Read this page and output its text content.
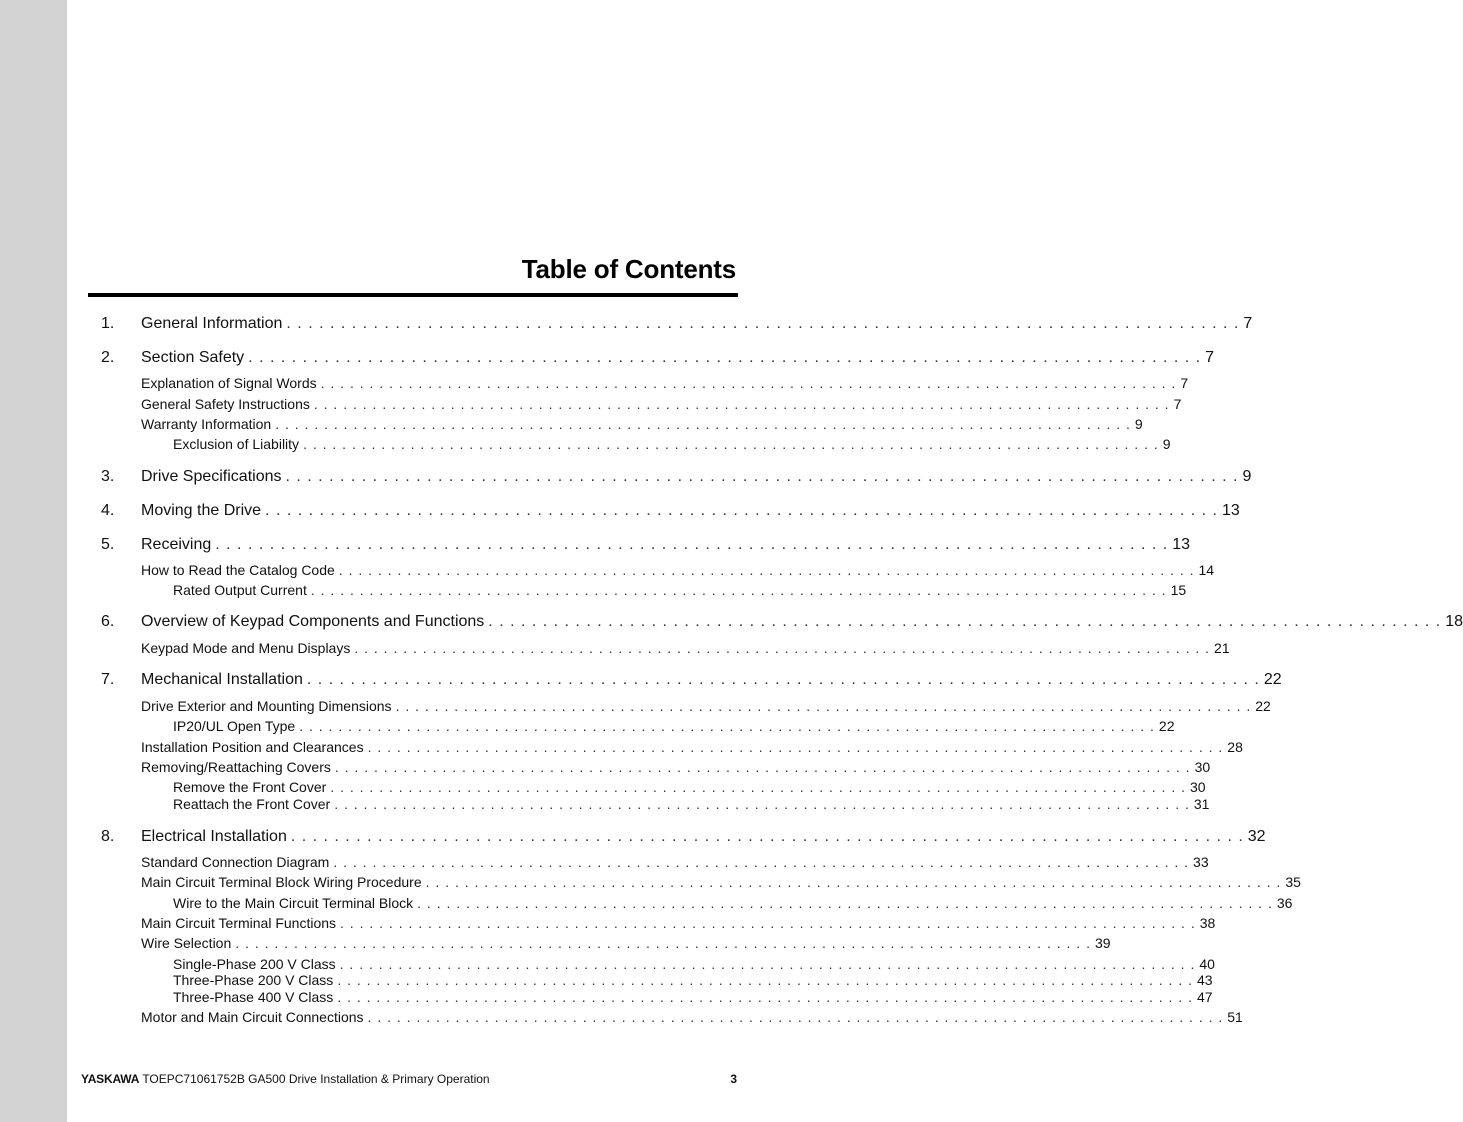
Table of Contents
1. General Information . . . . . . . . . . . . . . . . . . . . . . . . . . . . . . . . . . . . . . . . . . . . . . . . . . . . . . . . . . . . . . . . . . . . . . . . . . . . . . . . . . . . . . . . 7
2. Section Safety . . . . . . . . . . . . . . . . . . . . . . . . . . . . . . . . . . . . . . . . . . . . . . . . . . . . . . . . . . . . . . . . . . . . . . . . . . . . . . . . . . . . . . . . 7
Explanation of Signal Words . . . . . . . . . . . . . . . . . . . . . . . . . . . . . . . . . . . . . . . . . . . . . . . . . . . . . . . . . . . . . . . . . . . . . . . . . . . . . . . . . . . . . . . . 7
General Safety Instructions . . . . . . . . . . . . . . . . . . . . . . . . . . . . . . . . . . . . . . . . . . . . . . . . . . . . . . . . . . . . . . . . . . . . . . . . . . . . . . . . . . . . . . . . 7
Warranty Information . . . . . . . . . . . . . . . . . . . . . . . . . . . . . . . . . . . . . . . . . . . . . . . . . . . . . . . . . . . . . . . . . . . . . . . . . . . . . . . . . . . . . . . . 9
Exclusion of Liability . . . . . . . . . . . . . . . . . . . . . . . . . . . . . . . . . . . . . . . . . . . . . . . . . . . . . . . . . . . . . . . . . . . . . . . . . . . . . . . . . . . . . . . . 9
3. Drive Specifications . . . . . . . . . . . . . . . . . . . . . . . . . . . . . . . . . . . . . . . . . . . . . . . . . . . . . . . . . . . . . . . . . . . . . . . . . . . . . . . . . . . . . . . . 9
4. Moving the Drive . . . . . . . . . . . . . . . . . . . . . . . . . . . . . . . . . . . . . . . . . . . . . . . . . . . . . . . . . . . . . . . . . . . . . . . . . . . . . . . . . . . . . . . . 13
5. Receiving . . . . . . . . . . . . . . . . . . . . . . . . . . . . . . . . . . . . . . . . . . . . . . . . . . . . . . . . . . . . . . . . . . . . . . . . . . . . . . . . . . . . . . . . 13
How to Read the Catalog Code . . . . . . . . . . . . . . . . . . . . . . . . . . . . . . . . . . . . . . . . . . . . . . . . . . . . . . . . . . . . . . . . . . . . . . . . . . . . . . . . . . . . . . . . 14
Rated Output Current . . . . . . . . . . . . . . . . . . . . . . . . . . . . . . . . . . . . . . . . . . . . . . . . . . . . . . . . . . . . . . . . . . . . . . . . . . . . . . . . . . . . . . . . 15
6. Overview of Keypad Components and Functions . . . . . . . . . . . . . . . . . . . . . . . . . . . . . . . . . . . . . . . . . . . . . . . . . . . . . . . . . . . . . . . . . . . . . . . . . . . . . . . . . . . . . . . . 18
Keypad Mode and Menu Displays . . . . . . . . . . . . . . . . . . . . . . . . . . . . . . . . . . . . . . . . . . . . . . . . . . . . . . . . . . . . . . . . . . . . . . . . . . . . . . . . . . . . . . . . 21
7. Mechanical Installation . . . . . . . . . . . . . . . . . . . . . . . . . . . . . . . . . . . . . . . . . . . . . . . . . . . . . . . . . . . . . . . . . . . . . . . . . . . . . . . . . . . . . . . . 22
Drive Exterior and Mounting Dimensions . . . . . . . . . . . . . . . . . . . . . . . . . . . . . . . . . . . . . . . . . . . . . . . . . . . . . . . . . . . . . . . . . . . . . . . . . . . . . . . . . . . . . . . . 22
IP20/UL Open Type . . . . . . . . . . . . . . . . . . . . . . . . . . . . . . . . . . . . . . . . . . . . . . . . . . . . . . . . . . . . . . . . . . . . . . . . . . . . . . . . . . . . . . . . 22
Installation Position and Clearances . . . . . . . . . . . . . . . . . . . . . . . . . . . . . . . . . . . . . . . . . . . . . . . . . . . . . . . . . . . . . . . . . . . . . . . . . . . . . . . . . . . . . . . . 28
Removing/Reattaching Covers . . . . . . . . . . . . . . . . . . . . . . . . . . . . . . . . . . . . . . . . . . . . . . . . . . . . . . . . . . . . . . . . . . . . . . . . . . . . . . . . . . . . . . . . 30
Remove the Front Cover . . . . . . . . . . . . . . . . . . . . . . . . . . . . . . . . . . . . . . . . . . . . . . . . . . . . . . . . . . . . . . . . . . . . . . . . . . . . . . . . . . . . . . . . 30
Reattach the Front Cover . . . . . . . . . . . . . . . . . . . . . . . . . . . . . . . . . . . . . . . . . . . . . . . . . . . . . . . . . . . . . . . . . . . . . . . . . . . . . . . . . . . . . . . . 31
8. Electrical Installation . . . . . . . . . . . . . . . . . . . . . . . . . . . . . . . . . . . . . . . . . . . . . . . . . . . . . . . . . . . . . . . . . . . . . . . . . . . . . . . . . . . . . . . . 32
Standard Connection Diagram . . . . . . . . . . . . . . . . . . . . . . . . . . . . . . . . . . . . . . . . . . . . . . . . . . . . . . . . . . . . . . . . . . . . . . . . . . . . . . . . . . . . . . . . 33
Main Circuit Terminal Block Wiring Procedure . . . . . . . . . . . . . . . . . . . . . . . . . . . . . . . . . . . . . . . . . . . . . . . . . . . . . . . . . . . . . . . . . . . . . . . . . . . . . . . . . . . . . . . . 35
Wire to the Main Circuit Terminal Block . . . . . . . . . . . . . . . . . . . . . . . . . . . . . . . . . . . . . . . . . . . . . . . . . . . . . . . . . . . . . . . . . . . . . . . . . . . . . . . . . . . . . . . . 36
Main Circuit Terminal Functions . . . . . . . . . . . . . . . . . . . . . . . . . . . . . . . . . . . . . . . . . . . . . . . . . . . . . . . . . . . . . . . . . . . . . . . . . . . . . . . . . . . . . . . . 38
Wire Selection . . . . . . . . . . . . . . . . . . . . . . . . . . . . . . . . . . . . . . . . . . . . . . . . . . . . . . . . . . . . . . . . . . . . . . . . . . . . . . . . . . . . . . . . 39
Single-Phase 200 V Class . . . . . . . . . . . . . . . . . . . . . . . . . . . . . . . . . . . . . . . . . . . . . . . . . . . . . . . . . . . . . . . . . . . . . . . . . . . . . . . . . . . . . . . . 40
Three-Phase 200 V Class . . . . . . . . . . . . . . . . . . . . . . . . . . . . . . . . . . . . . . . . . . . . . . . . . . . . . . . . . . . . . . . . . . . . . . . . . . . . . . . . . . . . . . . . 43
Three-Phase 400 V Class . . . . . . . . . . . . . . . . . . . . . . . . . . . . . . . . . . . . . . . . . . . . . . . . . . . . . . . . . . . . . . . . . . . . . . . . . . . . . . . . . . . . . . . . 47
Motor and Main Circuit Connections . . . . . . . . . . . . . . . . . . . . . . . . . . . . . . . . . . . . . . . . . . . . . . . . . . . . . . . . . . . . . . . . . . . . . . . . . . . . . . . . . . . . . . . . 51
YASKAWA TOEPC71061752B GA500 Drive Installation & Primary Operation	3
